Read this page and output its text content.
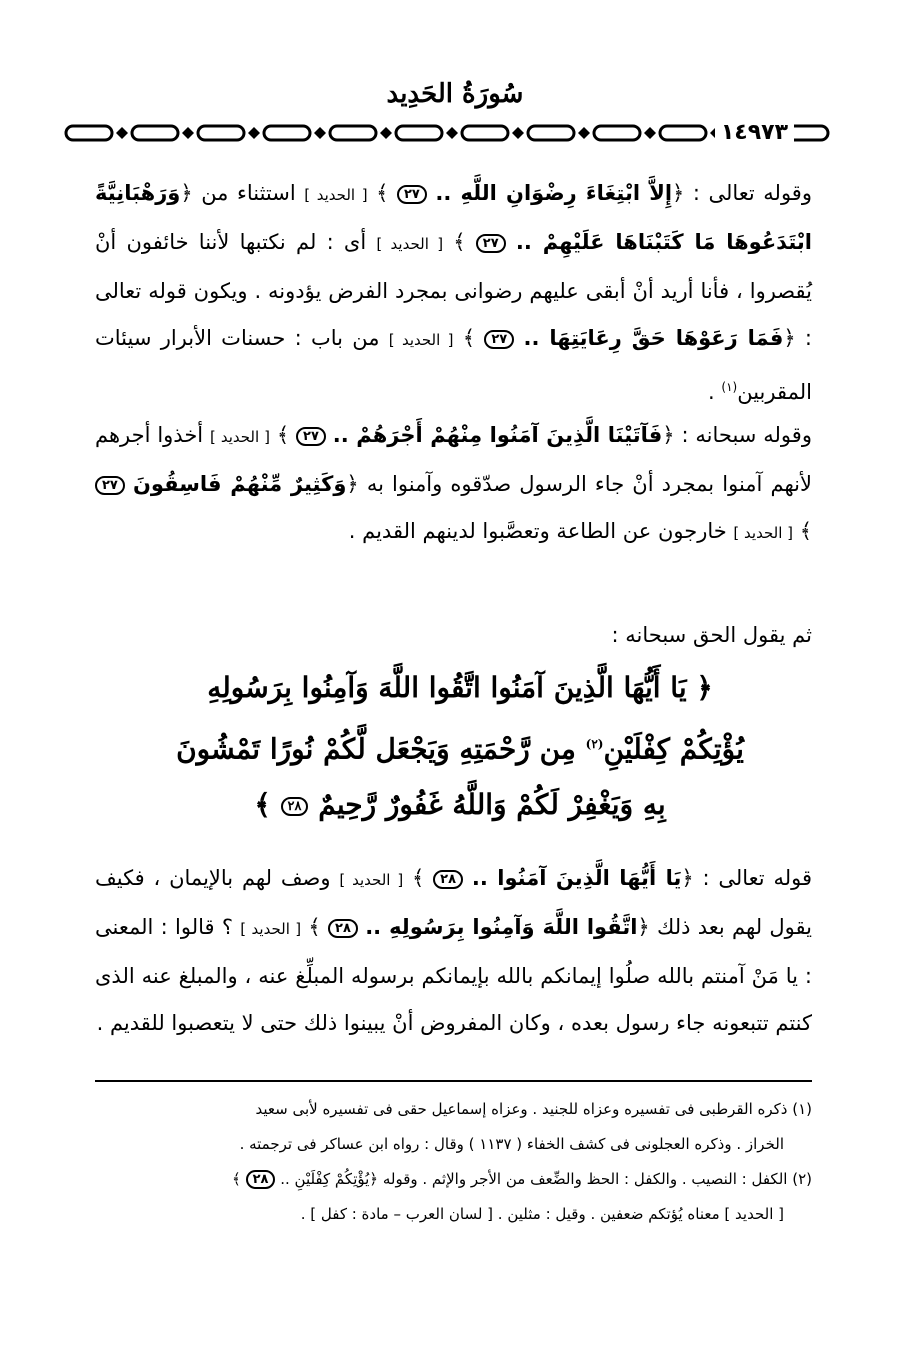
سُورَةُ الحَدِيد
١٤٩٧٣
وقوله تعالى : ﴿إِلاَّ ابْتِغَاءَ رِضْوَانِ اللَّهِ .. ٢٧ ﴾ [ الحديد ] استثناء من ﴿وَرَهْبَانِيَّةً ابْتَدَعُوهَا مَا كَتَبْنَاهَا عَلَيْهِمْ .. ٢٧ ﴾ [ الحديد ] أى : لم نكتبها لأننا خائفون أنْ يُقصروا ، فأنا أريد أنْ أبقى عليهم رضوانى بمجرد الفرض يؤدونه . ويكون قوله تعالى : ﴿فَمَا رَعَوْهَا حَقَّ رِعَايَتِهَا .. ٢٧ ﴾ [ الحديد ] من باب : حسنات الأبرار سيئات المقربين$^{(١)}$ .
وقوله سبحانه : ﴿فَآتَيْنَا الَّذِينَ آمَنُوا مِنْهُمْ أَجْرَهُمْ .. ٢٧ ﴾ [ الحديد ] أخذوا أجرهم لأنهم آمنوا بمجرد أنْ جاء الرسول صدّقوه وآمنوا به ﴿وَكَثِيرٌ مِّنْهُمْ فَاسِقُونَ ٢٧ ﴾ [ الحديد ] خارجون عن الطاعة وتعصَّبوا لدينهم القديم .
ثم يقول الحق سبحانه :
﴿ يَا أَيُّهَا الَّذِينَ آمَنُوا اتَّقُوا اللَّهَ وَآمِنُوا بِرَسُولِهِ
يُؤْتِكُمْ كِفْلَيْنِ$^{(٢)}$ مِن رَّحْمَتِهِ وَيَجْعَل لَّكُمْ نُورًا تَمْشُونَ
بِهِ وَيَغْفِرْ لَكُمْ وَاللَّهُ غَفُورٌ رَّحِيمٌ ٢٨ ﴾
قوله تعالى : ﴿يَا أَيُّهَا الَّذِينَ آمَنُوا .. ٢٨ ﴾ [ الحديد ] وصف لهم بالإيمان ، فكيف يقول لهم بعد ذلك ﴿اتَّقُوا اللَّهَ وَآمِنُوا بِرَسُولِهِ .. ٢٨ ﴾ [ الحديد ] ؟ قالوا : المعنى : يا مَنْ آمنتم بالله صلُوا إيمانكم بالله بإيمانكم برسوله المبلِّغ عنه ، والمبلغ عنه الذى كنتم تتبعونه جاء رسول بعده ، وكان المفروض أنْ يبينوا ذلك حتى لا يتعصبوا للقديم .
(١) ذكره القرطبى فى تفسيره وعزاه للجنيد . وعزاه إسماعيل حقى فى تفسيره لأبى سعيد
الخراز . وذكره العجلونى فى كشف الخفاء ( ١١٣٧ ) وقال : رواه ابن عساكر فى ترجمته .
(٢) الكفل : النصيب . والكفل : الحظ والضِّعف من الأجر والإثم . وقوله ﴿يُؤْتِكُمْ كِفْلَيْنِ .. ٢٨ ﴾
[ الحديد ] معناه يُؤتكم ضعفين . وقيل : مثلين . [ لسان العرب – مادة : كفل ] .
